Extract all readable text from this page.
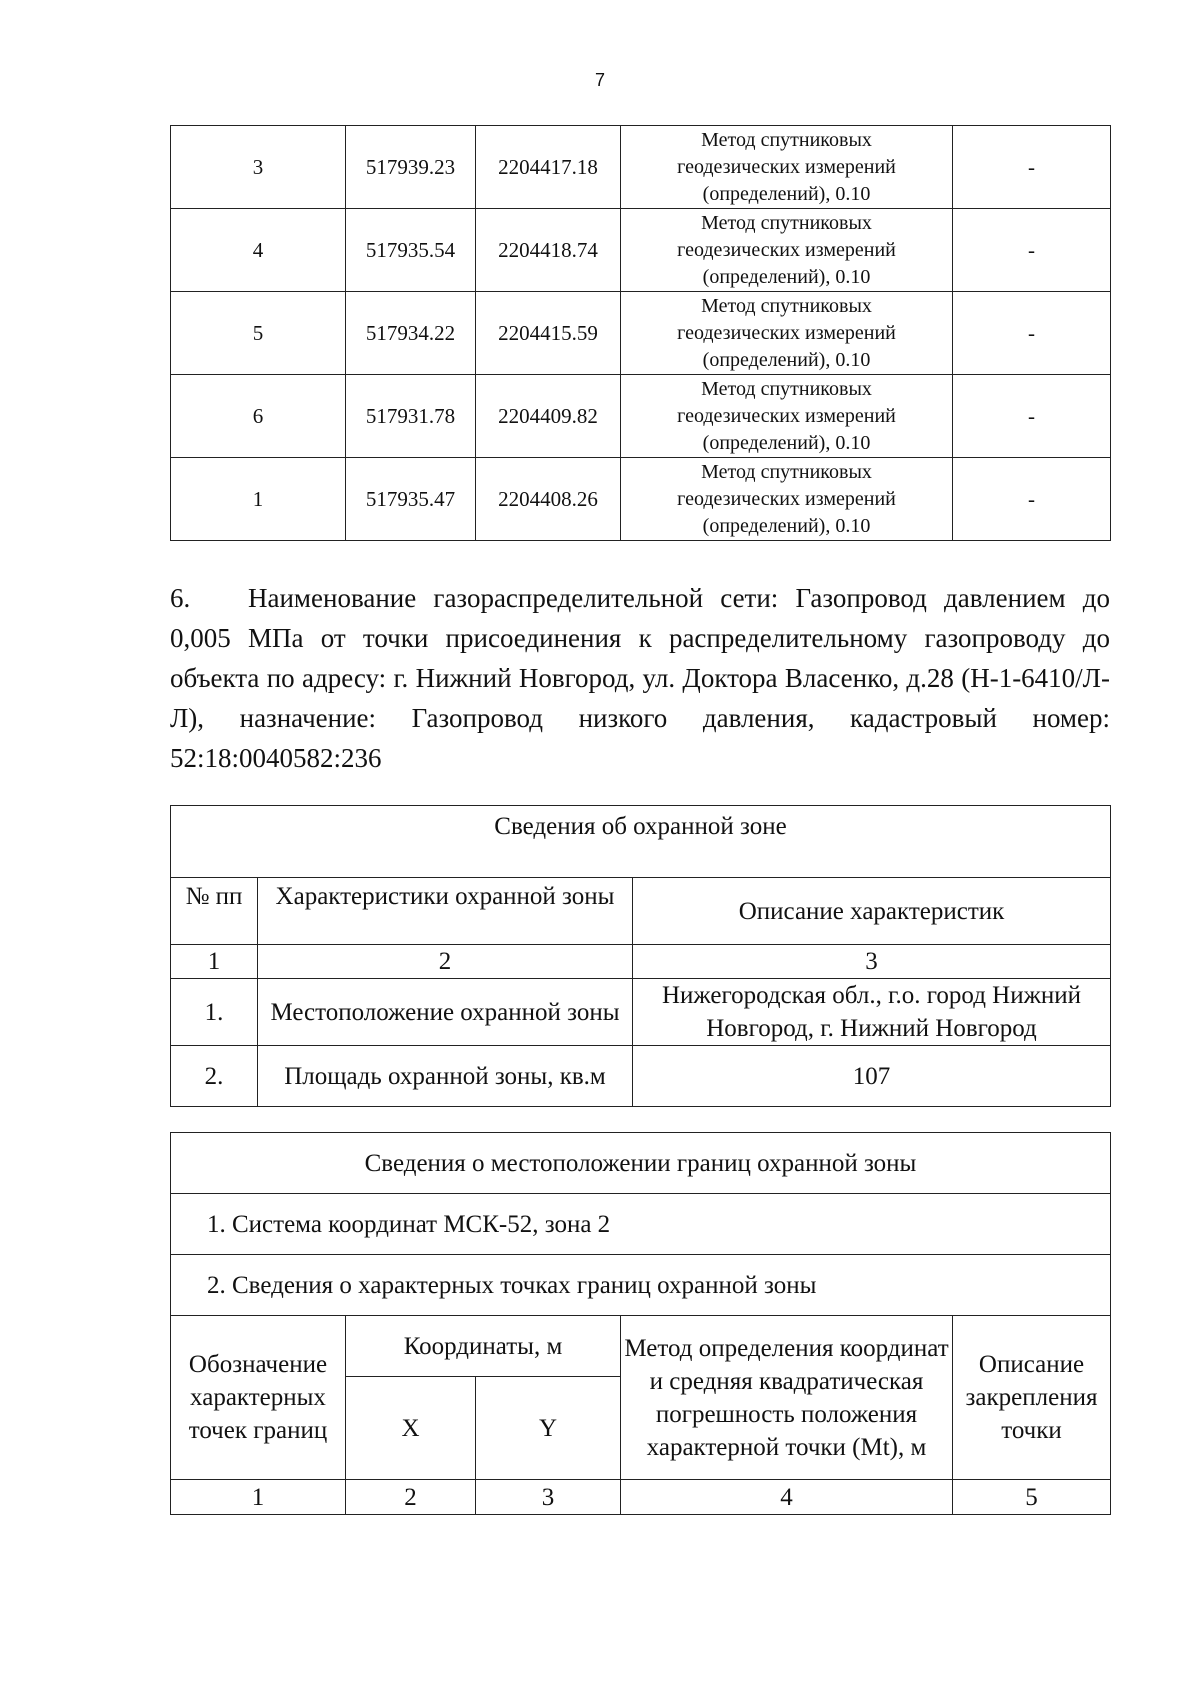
7
3	517939.23	2204417.18	Метод спутниковых
геодезических измерений
(определений), 0.10	-
4	517935.54	2204418.74	Метод спутниковых
геодезических измерений
(определений), 0.10	-
5	517934.22	2204415.59	Метод спутниковых
геодезических измерений
(определений), 0.10	-
6	517931.78	2204409.82	Метод спутниковых
геодезических измерений
(определений), 0.10	-
1	517935.47	2204408.26	Метод спутниковых
геодезических измерений
(определений), 0.10	-

6. Наименование газораспределительной сети: Газопровод давлением до 0,005 МПа от точки присоединения к распределительному газопроводу до объекта по адресу: г. Нижний Новгород, ул. Доктора Власенко, д.28 (Н-1-6410/Л-Л), назначение: Газопровод низкого давления, кадастровый номер: 52:18:0040582:236

Сведения об охранной зоне		
№ пп	Характеристики охранной зоны	Описание характеристик
1	2	3
1.	Местоположение охранной зоны	Нижегородская обл., г.о. город Нижний Новгород, г. Нижний Новгород
2.	Площадь охранной зоны, кв.м	107
Сведения о местоположении границ охранной зоны				
1. Система координат МСК-52, зона 2				
2. Сведения о характерных точках границ охранной зоны				
Обозначение характерных точек границ	Координаты, м		Метод определения координат и средняя квадратическая погрешность положения характерной точки (Mt), м	Описание закрепления точки
	X	Y		
1	2	3	4	5
